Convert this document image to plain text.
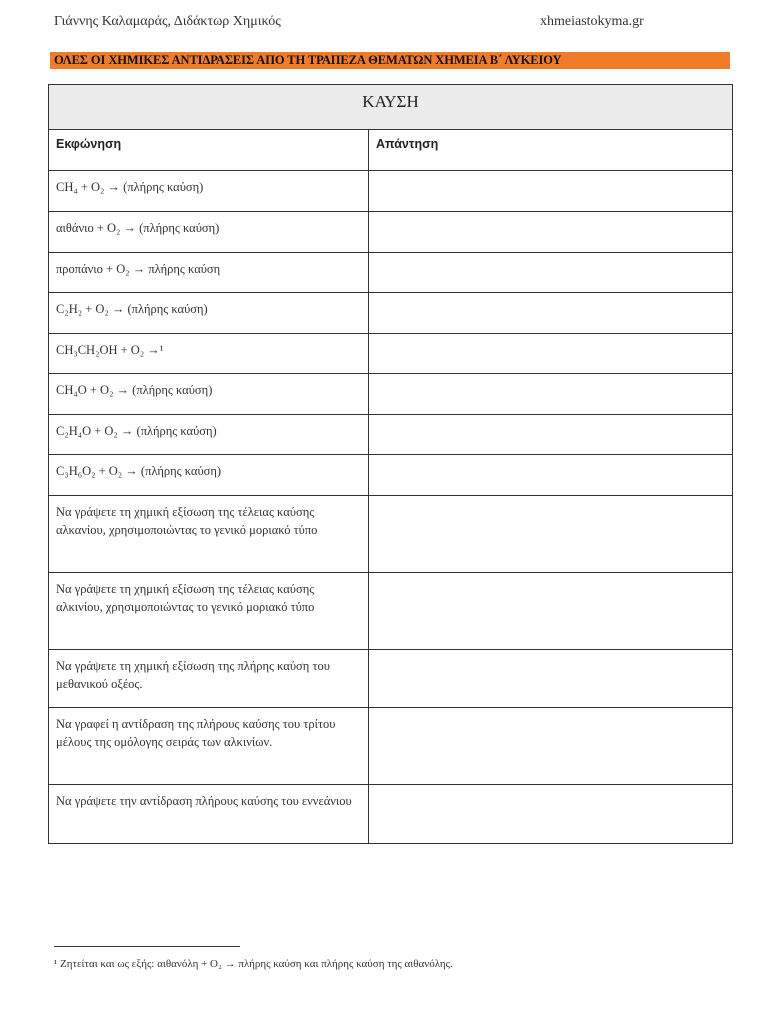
Γιάννης Καλαμαράς, Διδάκτωρ Χημικός	xhmeiastokyma.gr
ΟΛΕΣ ΟΙ ΧΗΜΙΚΕΣ ΑΝΤΙΔΡΑΣΕΙΣ ΑΠΟ ΤΗ ΤΡΑΠΕΖΑ ΘΕΜΑΤΩΝ ΧΗΜΕΙΑ Β΄ ΛΥΚΕΙΟΥ
ΚΑΥΣΗ	
Εκφώνηση	Απάντηση
CH₄ + O₂ → (πλήρης καύση)	
αιθάνιο + O₂ → (πλήρης καύση)	
προπάνιο + O₂ → πλήρης καύση	
C₂H₂ + O₂ → (πλήρης καύση)	
CH₃CH₂OH + O₂ →¹	
CH₄O + O₂ → (πλήρης καύση)	
C₂H₄O + O₂ → (πλήρης καύση)	
C₃H₆O₂ + O₂ → (πλήρης καύση)	
Να γράψετε τη χημική εξίσωση της τέλειας καύσης αλκανίου, χρησιμοποιώντας το γενικό μοριακό τύπο	
Να γράψετε τη χημική εξίσωση της τέλειας καύσης αλκινίου, χρησιμοποιώντας το γενικό μοριακό τύπο	
Να γράψετε τη χημική εξίσωση της πλήρης καύση του μεθανικού οξέος.	
Να γραφεί η αντίδραση της πλήρους καύσης του τρίτου μέλους της ομόλογης σειράς των αλκινίων.	
Να γράψετε την αντίδραση πλήρους καύσης του εννεάνιου	
¹ Ζητείται και ως εξής: αιθανόλη + O₂ → πλήρης καύση και πλήρης καύση της αιθανόλης.
